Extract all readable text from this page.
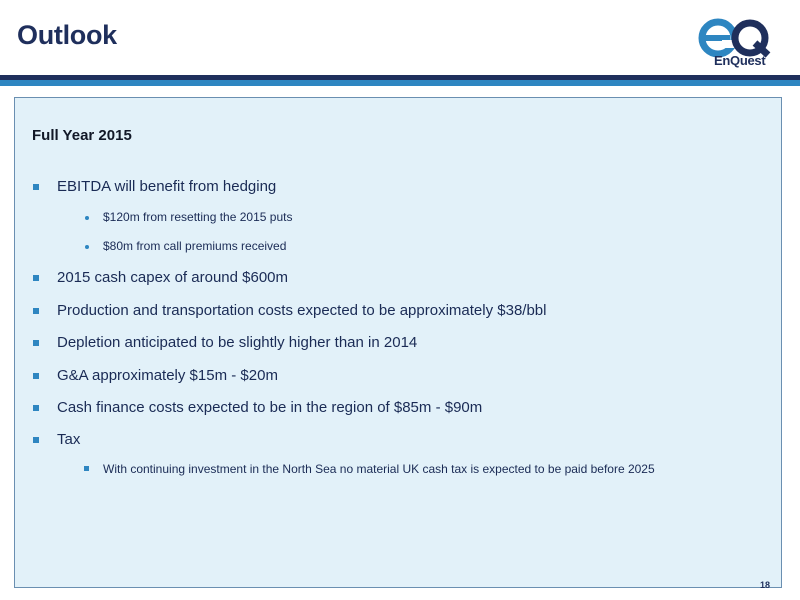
Outlook
EnQuest
Full Year 2015
EBITDA will benefit from hedging
$120m from resetting the 2015 puts
$80m from call premiums received
2015 cash capex of around $600m
Production and transportation costs expected to be approximately $38/bbl
Depletion anticipated to be slightly higher than in 2014
G&A approximately $15m - $20m
Cash finance costs expected to be in the region of $85m - $90m
Tax
With continuing investment in the North Sea no material UK cash tax is expected to be paid before 2025
18
